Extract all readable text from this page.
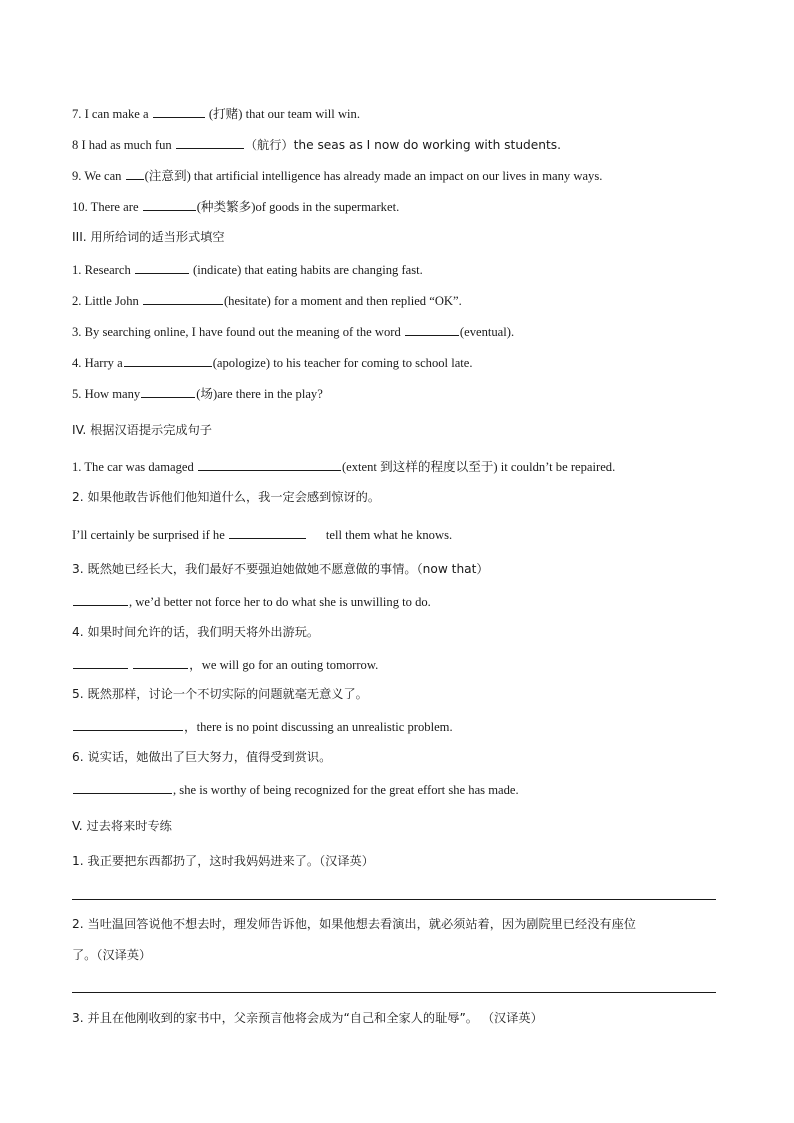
7. I can make a	(打赌) that our team will win.
8 I had as much fun	（航行）the seas as I now do working with students.
9. We can (注意到) that artificial intelligence has already made an impact on our lives in many ways.
10. There are	(种类繁多)of goods in the supermarket.
III. 用所给词的适当形式填空
1. Research	(indicate) that eating habits are changing fast.
2. Little John	(hesitate) for a moment and then replied “OK”.
3. By searching online, I have found out the meaning of the word	(eventual).
4. Harry a	(apologize) to his teacher for coming to school late.
5. How many	(场)are there in the play?
IV. 根据汉语提示完成句子
1. The car was damaged	(extent 到这样的程度以至于) it couldn’t be repaired.
2. 如果他敢告诉他们他知道什么，我一定会感到惊讶的。
I’ll certainly be surprised if he	tell them what he knows.
3. 既然她已经长大，我们最好不要强迫她做她不愿意做的事情。（now that）
, we’d better not force her to do what she is unwilling to do.
4. 如果时间允许的话，我们明天将外出游玩。
，we will go for an outing tomorrow.
5. 既然那样，讨论一个不切实际的问题就毫无意义了。
，there is no point discussing an unrealistic problem.
6. 说实话，她做出了巨大努力，值得受到赏识。
, she is worthy of being recognized for the great effort she has made.
V. 过去将来时专练
1. 我正要把东西都扔了，这时我妈妈进来了。（汉译英）
2. 当吐温回答说他不想去时，理发师告诉他，如果他想去看演出，就必须站着，因为剧院里已经没有座位
了。（汉译英）
3. 并且在他刚收到的家书中，父亲预言他将会成为“自己和全家人的耻辱”。 （汉译英）
